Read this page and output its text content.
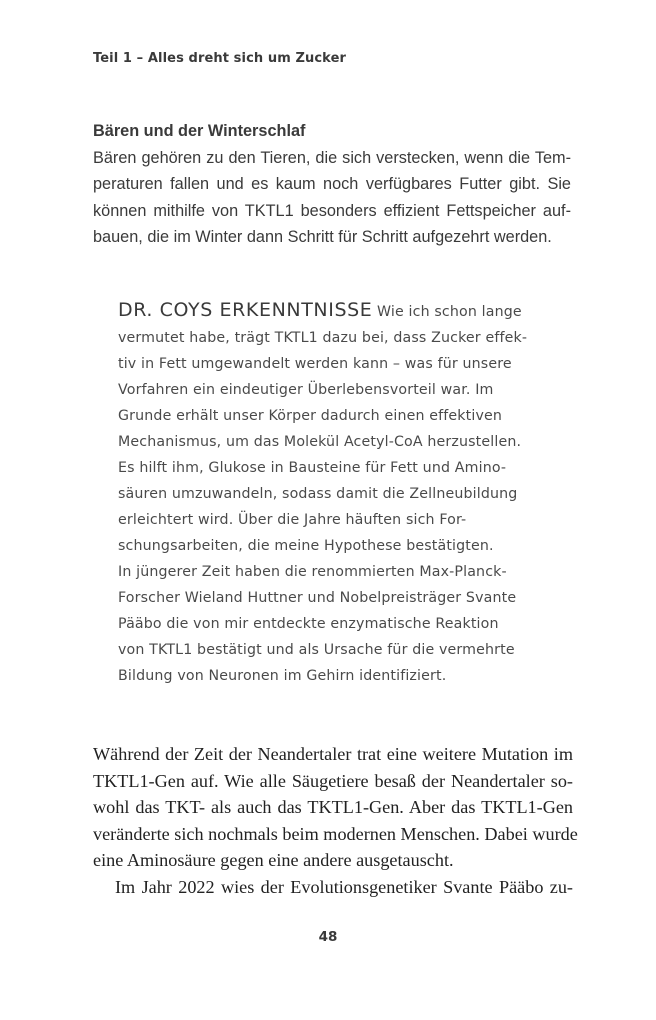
Teil 1 – Alles dreht sich um Zucker
Bären und der Winterschlaf
Bären gehören zu den Tieren, die sich verstecken, wenn die Tem-
peraturen fallen und es kaum noch verfügbares Futter gibt. Sie
können mithilfe von TKTL1 besonders effizient Fettspeicher auf-
bauen, die im Winter dann Schritt für Schritt aufgezehrt werden.
DR. COYS ERKENNTNISSE Wie ich schon lange
vermutet habe, trägt TKTL1 dazu bei, dass Zucker effek-
tiv in Fett umgewandelt werden kann – was für unsere
Vorfahren ein eindeutiger Überlebensvorteil war. Im
Grunde erhält unser Körper dadurch einen effektiven
Mechanismus, um das Molekül Acetyl-CoA herzustellen.
Es hilft ihm, Glukose in Bausteine für Fett und Amino-
säuren umzuwandeln, sodass damit die Zellneubildung
erleichtert wird. Über die Jahre häuften sich For-
schungsarbeiten, die meine Hypothese bestätigten.
In jüngerer Zeit haben die renommierten Max-Planck-
Forscher Wieland Huttner und Nobelpreisträger Svante
Pääbo die von mir entdeckte enzymatische Reaktion
von TKTL1 bestätigt und als Ursache für die vermehrte
Bildung von Neuronen im Gehirn identifiziert.
Während der Zeit der Neandertaler trat eine weitere Mutation im
TKTL1-Gen auf. Wie alle Säugetiere besaß der Neandertaler so-
wohl das TKT- als auch das TKTL1-Gen. Aber das TKTL1-Gen
veränderte sich nochmals beim modernen Menschen. Dabei wurde
eine Aminosäure gegen eine andere ausgetauscht.
Im Jahr 2022 wies der Evolutionsgenetiker Svante Pääbo zu-
48
